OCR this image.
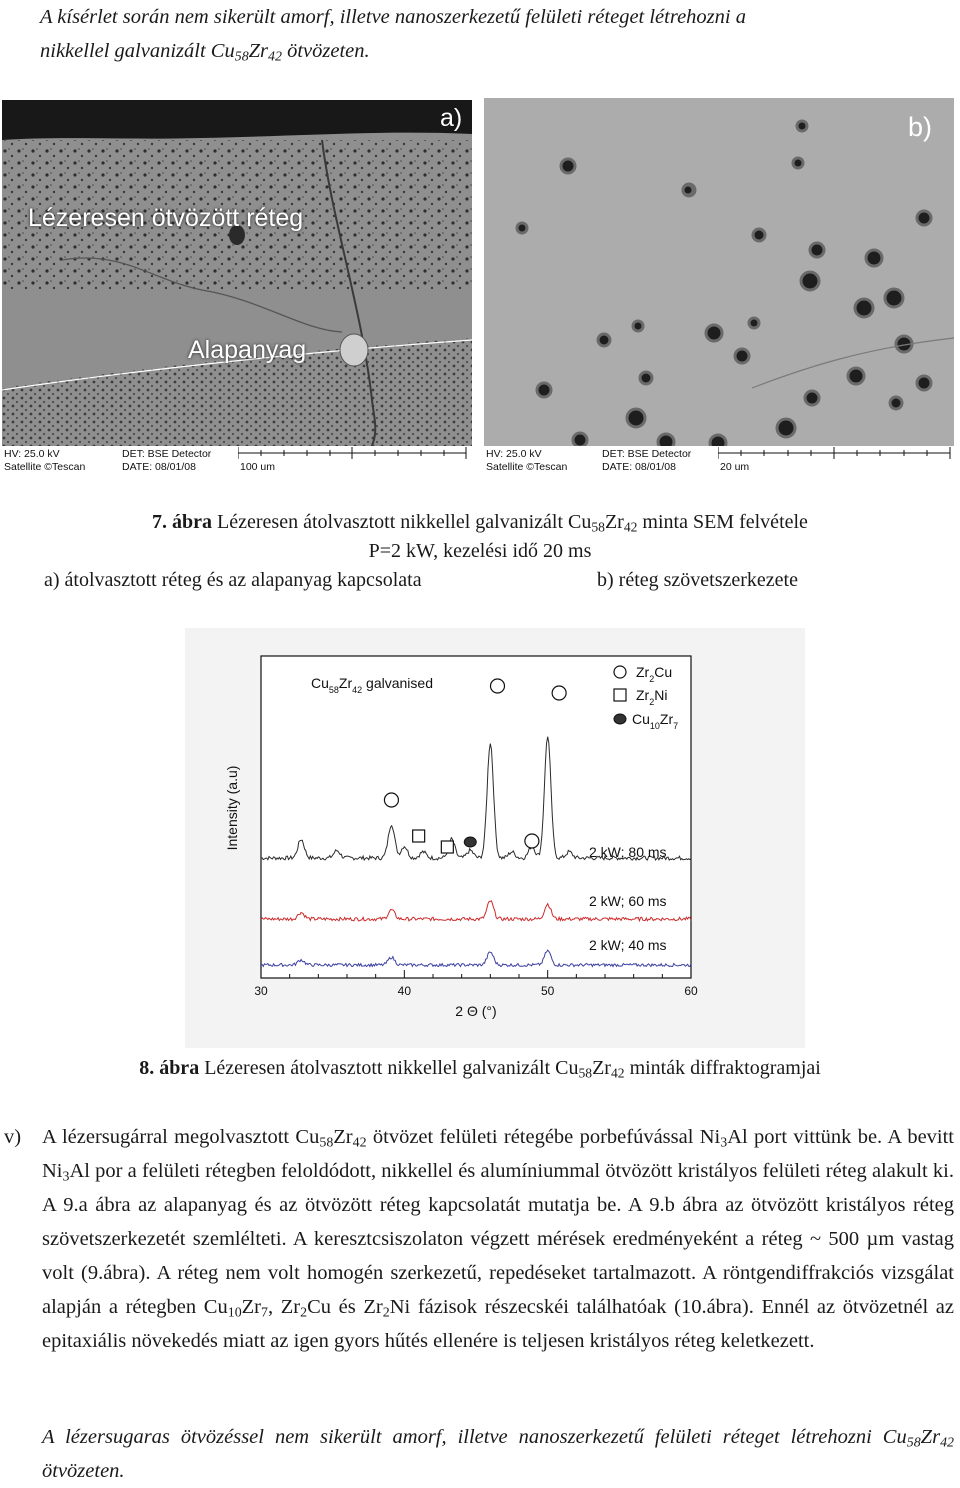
A kísérlet során nem sikerült amorf, illetve nanoszerkezetű felületi réteget létrehozni a
nikkellel galvanizált $Cu_{58}Zr_{42}$ ötvözeten.
a)
Lézeresen ötvözött réteg
Alapanyag
HV: 25.0 kV	DET: BSE Detector
Satellite ©Tescan	DATE: 08/01/08	100 um
b)
HV: 25.0 kV	DET: BSE Detector
Satellite ©Tescan	DATE: 08/01/08	20 um
7. ábra Lézeresen átolvasztott nikkellel galvanizált $Cu_{58}Zr_{42}$ minta SEM felvétele
P=2 kW, kezelési idő 20 ms
a) átolvasztott réteg és az alapanyag kapcsolata	b) réteg szövetszerkezete
30	40	50	60
2 Θ (°)
Intensity (a.u)
$Cu_{58}Zr_{42}$ galvanised
$Zr_2Cu$
$Zr_2Ni$
$Cu_{10}Zr_7$
2 kW; 80 ms
2 kW; 60 ms
2 kW; 40 ms
8. ábra Lézeresen átolvasztott nikkellel galvanizált $Cu_{58}Zr_{42}$ minták diffraktogramjai
v) A lézersugárral megolvasztott $Cu_{58}Zr_{42}$ ötvözet felületi rétegébe porbefúvással $Ni_3Al$ port vittünk be. A bevitt $Ni_3Al$ por a felületi rétegben feloldódott, nikkellel és alumíniummal ötvözött kristályos felületi réteg alakult ki. A 9.a ábra az alapanyag és az ötvözött réteg kapcsolatát mutatja be. A 9.b ábra az ötvözött kristályos réteg szövetszerkezetét szemlélteti. A keresztcsiszolaton végzett mérések eredményeként a réteg ~ 500 µm vastag volt (9.ábra). A réteg nem volt homogén szerkezetű, repedéseket tartalmazott. A röntgendiffrakciós vizsgálat alapján a rétegben $Cu_{10}Zr_7$, $Zr_2Cu$ és $Zr_2Ni$ fázisok részecskéi találhatóak (10.ábra). Ennél az ötvözetnél az epitaxiális növekedés miatt az igen gyors hűtés ellenére is teljesen kristályos réteg keletkezett.
A lézersugaras ötvözéssel nem sikerült amorf, illetve nanoszerkezetű felületi réteget létrehozni $Cu_{58}Zr_{42}$ ötvözeten.
